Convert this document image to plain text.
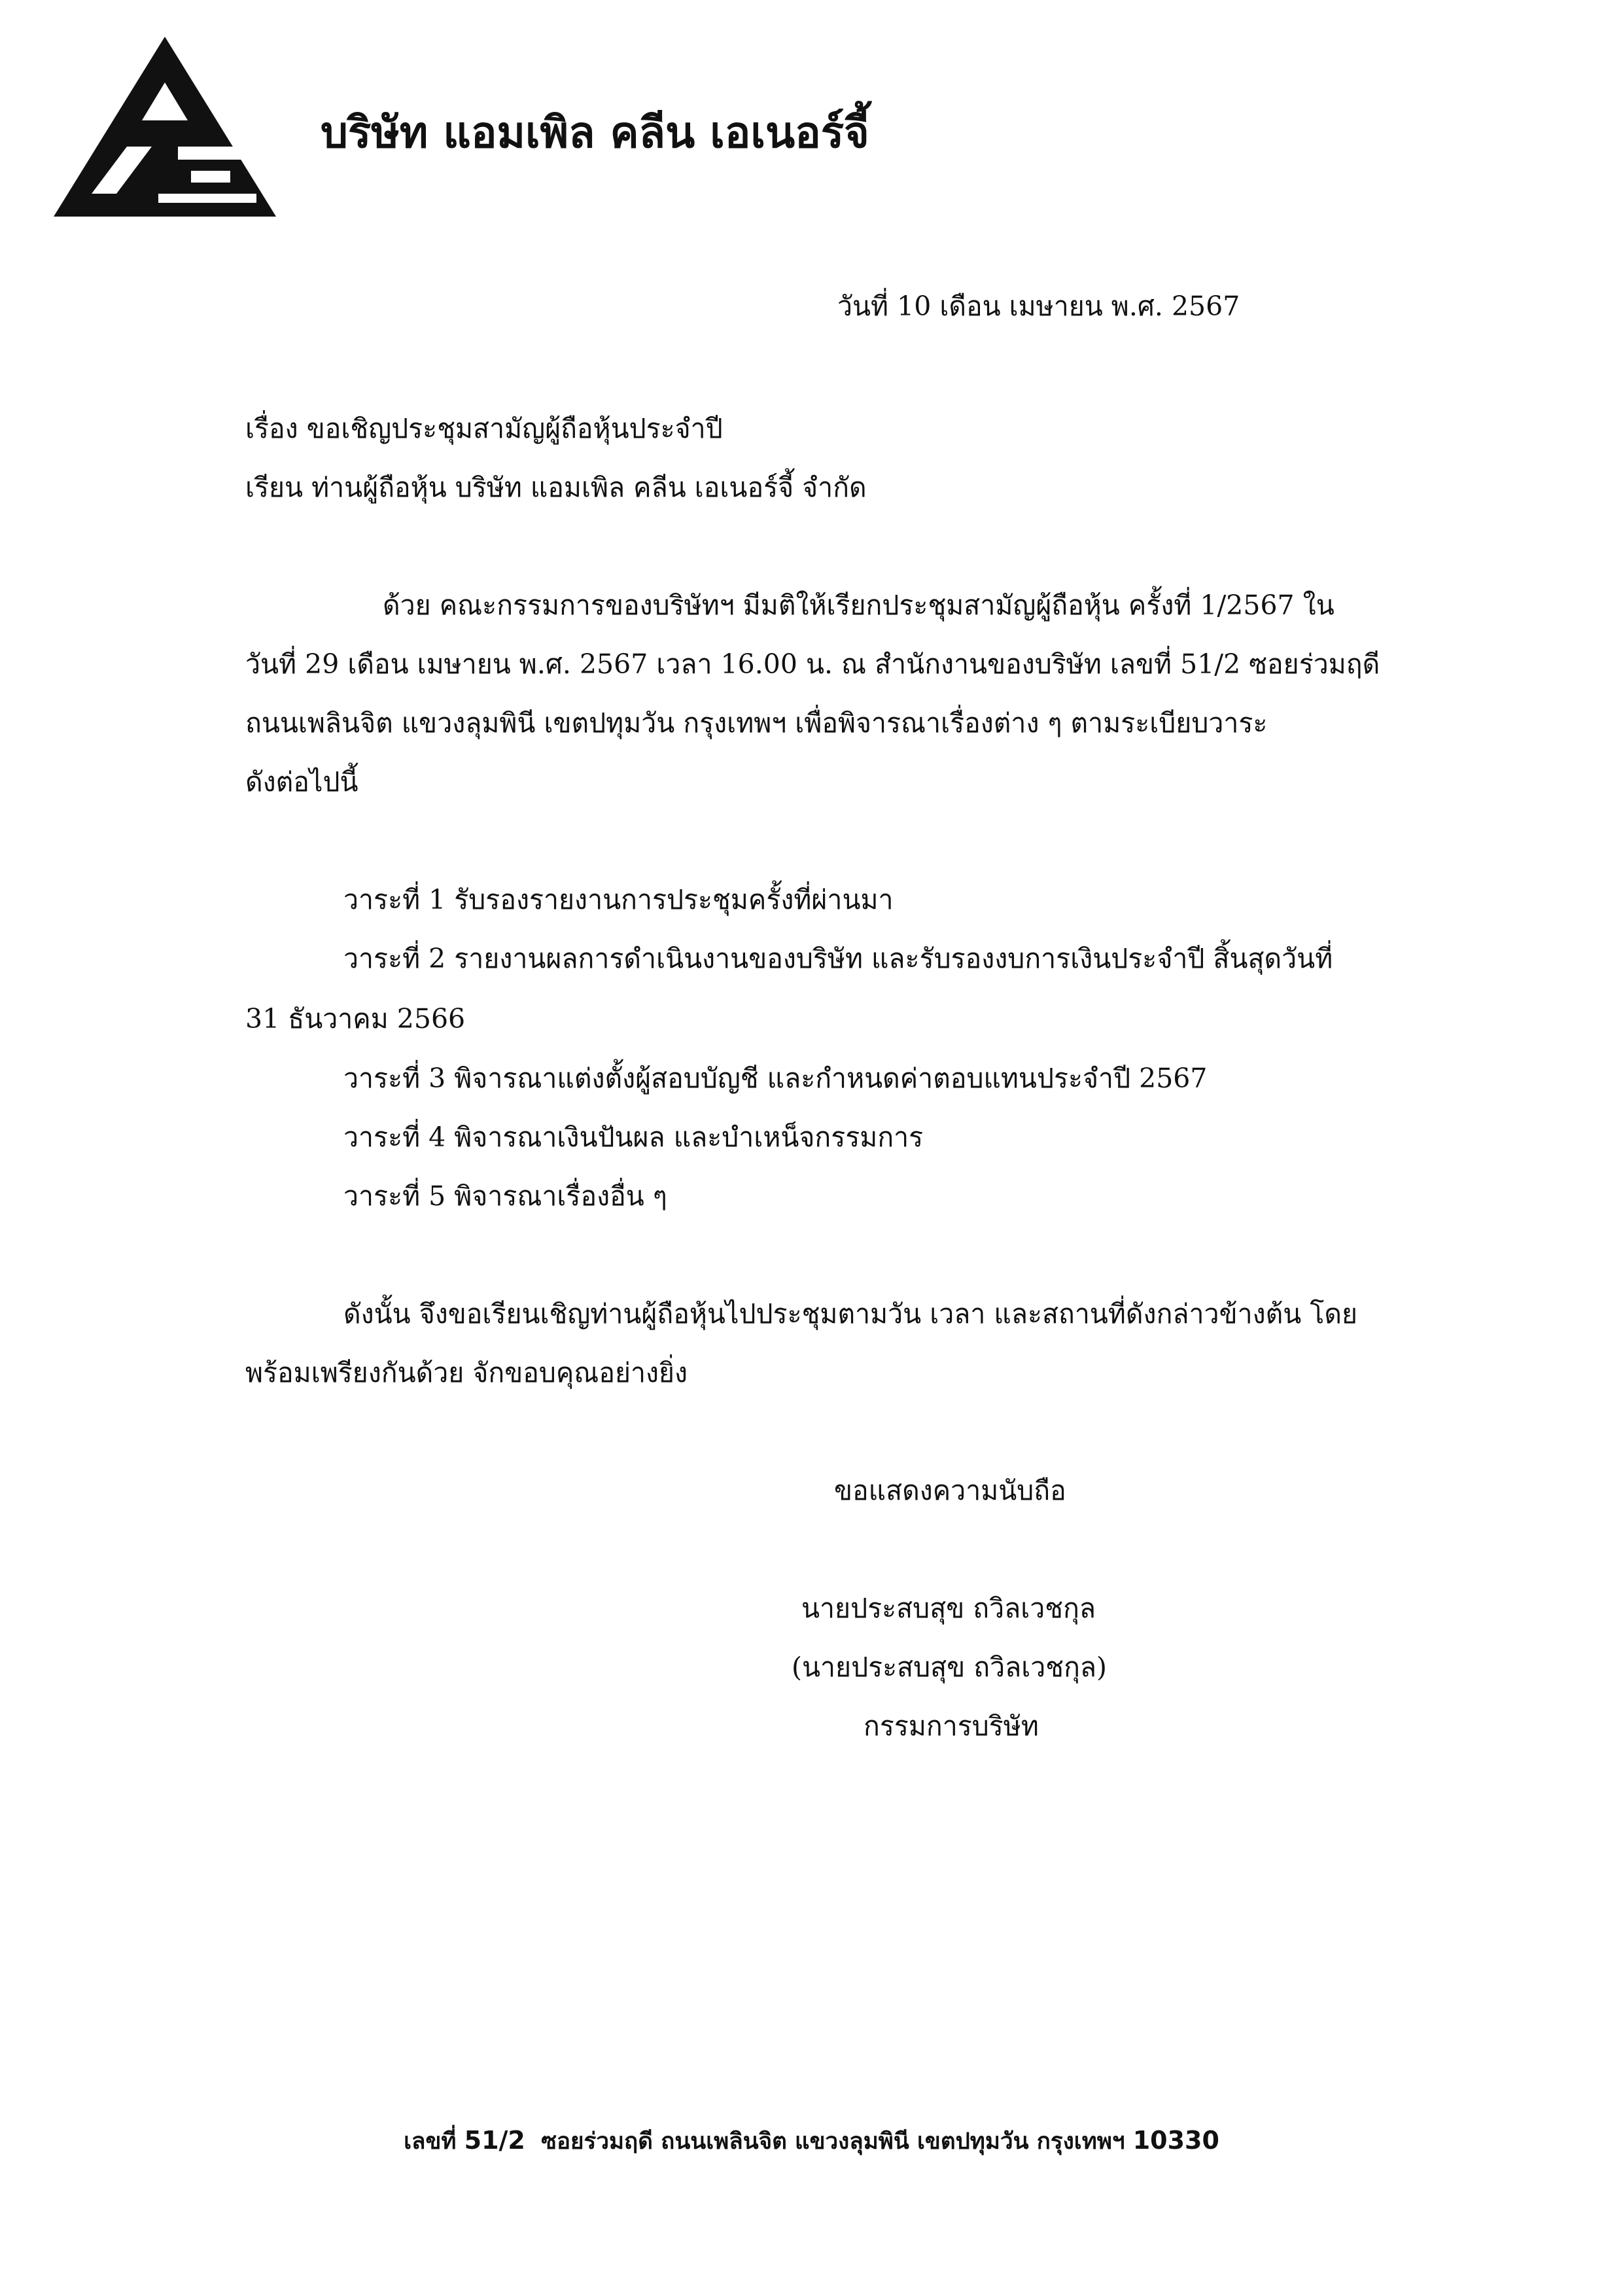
บริษัท แอมเพิล คลีน เอเนอร์จี้
วันที่ 10 เดือน เมษายน พ.ศ. 2567
เรื่อง ขอเชิญประชุมสามัญผู้ถือหุ้นประจำปี
เรียน ท่านผู้ถือหุ้น บริษัท แอมเพิล คลีน เอเนอร์จี้ จำกัด
ด้วย คณะกรรมการของบริษัทฯ มีมติให้เรียกประชุมสามัญผู้ถือหุ้น ครั้งที่ 1/2567 ใน
วันที่ 29 เดือน เมษายน พ.ศ. 2567 เวลา 16.00 น. ณ สำนักงานของบริษัท เลขที่ 51/2 ซอยร่วมฤดี
ถนนเพลินจิต แขวงลุมพินี เขตปทุมวัน กรุงเทพฯ เพื่อพิจารณาเรื่องต่าง ๆ ตามระเบียบวาระ
ดังต่อไปนี้
วาระที่ 1 รับรองรายงานการประชุมครั้งที่ผ่านมา
วาระที่ 2 รายงานผลการดำเนินงานของบริษัท และรับรองงบการเงินประจำปี สิ้นสุดวันที่
31 ธันวาคม 2566
วาระที่ 3 พิจารณาแต่งตั้งผู้สอบบัญชี และกำหนดค่าตอบแทนประจำปี 2567
วาระที่ 4 พิจารณาเงินปันผล และบำเหน็จกรรมการ
วาระที่ 5 พิจารณาเรื่องอื่น ๆ
ดังนั้น จึงขอเรียนเชิญท่านผู้ถือหุ้นไปประชุมตามวัน เวลา และสถานที่ดังกล่าวข้างต้น โดย
พร้อมเพรียงกันด้วย จักขอบคุณอย่างยิ่ง
ขอแสดงความนับถือ
นายประสบสุข ถวิลเวชกุล
(นายประสบสุข ถวิลเวชกุล)
กรรมการบริษัท
เลขที่ 51/2 ซอยร่วมฤดี ถนนเพลินจิต แขวงลุมพินี เขตปทุมวัน กรุงเทพฯ 10330
